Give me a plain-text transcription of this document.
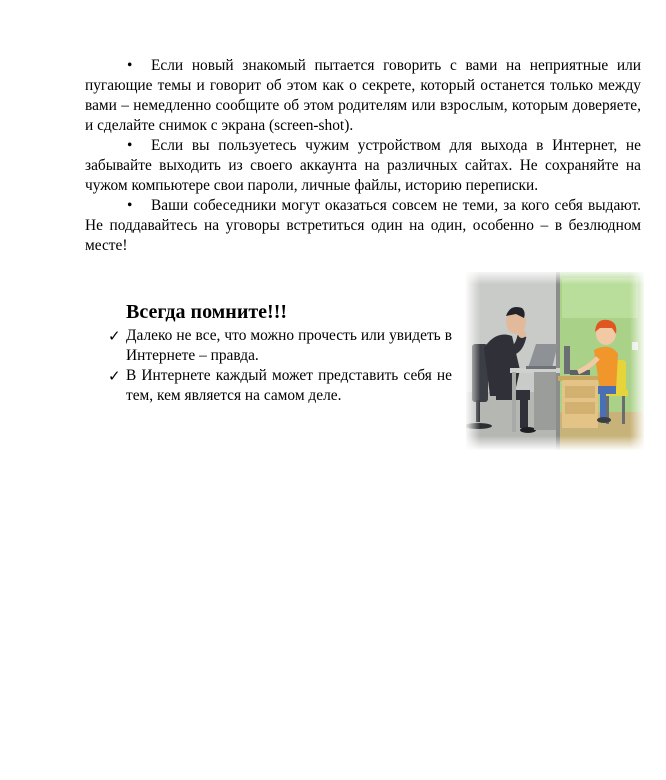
• Если новый знакомый пытается говорить с вами на неприятные или пугающие темы и говорит об этом как о секрете, который останется только между вами – немедленно сообщите об этом родителям или взрослым, которым доверяете, и сделайте снимок с экрана (screen-shot).

• Если вы пользуетесь чужим устройством для выхода в Интернет, не забывайте выходить из своего аккаунта на различных сайтах. Не сохраняйте на чужом компьютере свои пароли, личные файлы, историю переписки.

• Ваши собеседники могут оказаться совсем не теми, за кого себя выдают. Не поддавайтесь на уговоры встретиться один на один, особенно – в безлюдном месте!

Всегда помните!!!

✓ Далеко не все, что можно прочесть или увидеть в Интернете – правда.

✓ В Интернете каждый может представить себя не тем, кем является на самом деле.
